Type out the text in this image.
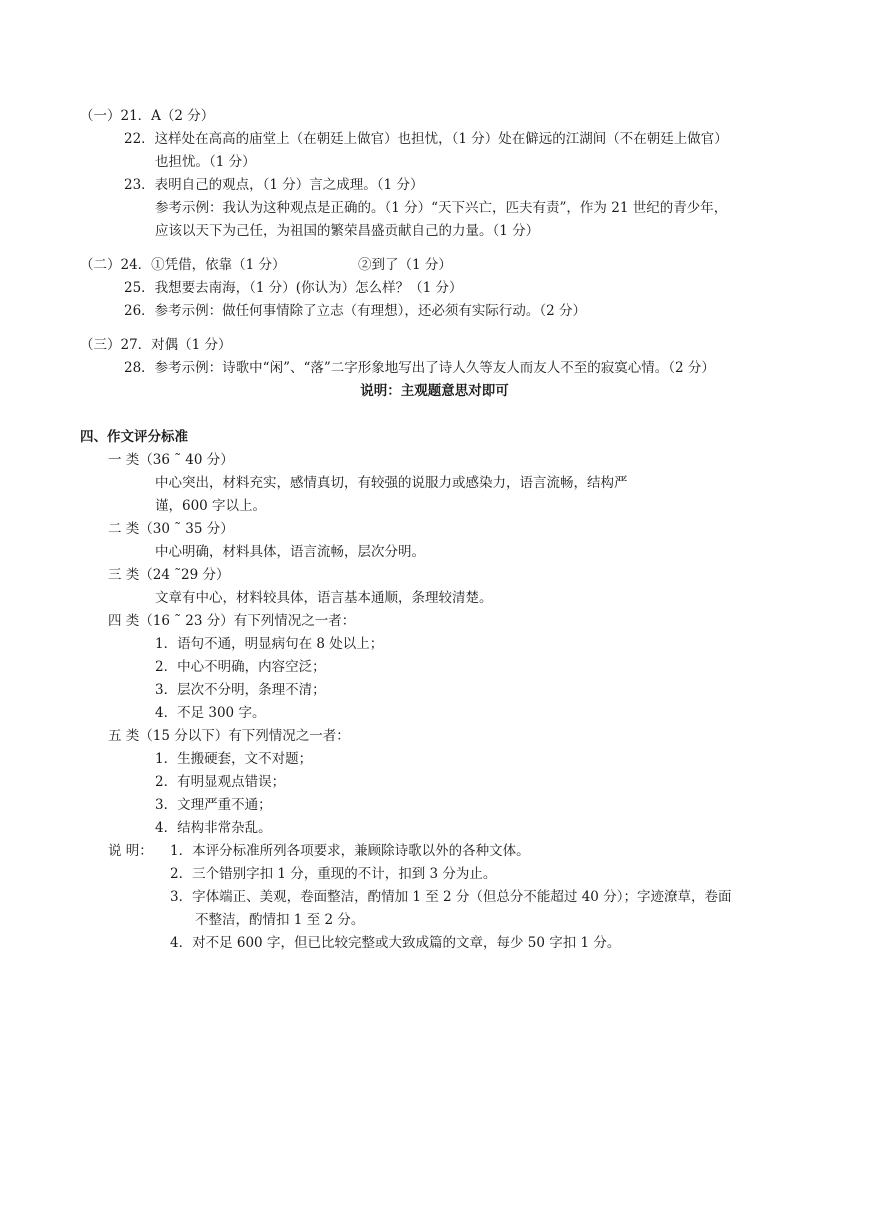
（一）21．A（2 分）
22．这样处在高高的庙堂上（在朝廷上做官）也担忧，（1 分）处在僻远的江湖间（不在朝廷上做官）
也担忧。（1 分）
23．表明自己的观点，（1 分）言之成理。（1 分）
参考示例：我认为这种观点是正确的。（1 分）“天下兴亡，匹夫有责”，作为 21 世纪的青少年，
应该以天下为己任，为祖国的繁荣昌盛贡献自己的力量。（1 分）
（二）24．①凭借，依靠（1 分）	②到了（1 分）
25．我想要去南海，（1 分）(你认为）怎么样？（1 分）
26．参考示例：做任何事情除了立志（有理想），还必须有实际行动。（2 分）
（三）27．对偶（1 分）
28．参考示例：诗歌中“闲”、“落”二字形象地写出了诗人久等友人而友人不至的寂寞心情。（2 分）
说明：主观题意思对即可
四、作文评分标准
一 类（36 ˜ 40 分）
中心突出，材料充实，感情真切，有较强的说服力或感染力，语言流畅，结构严
谨，600 字以上。
二 类（30 ˜ 35 分）
中心明确，材料具体，语言流畅，层次分明。
三 类（24 ˜29 分）
文章有中心，材料较具体，语言基本通顺，条理较清楚。
四 类（16 ˜ 23 分）有下列情况之一者：
1．语句不通，明显病句在 8 处以上；
2．中心不明确，内容空泛；
3．层次不分明，条理不清；
4．不足 300 字。
五 类（15 分以下）有下列情况之一者：
1．生搬硬套，文不对题；
2．有明显观点错误；
3．文理严重不通；
4．结构非常杂乱。
说 明： 1．本评分标准所列各项要求，兼顾除诗歌以外的各种文体。
2．三个错别字扣 1 分，重现的不计，扣到 3 分为止。
3．字体端正、美观，卷面整洁，酌情加 1 至 2 分（但总分不能超过 40 分）；字迹潦草，卷面
不整洁，酌情扣 1 至 2 分。
4．对不足 600 字，但已比较完整或大致成篇的文章，每少 50 字扣 1 分。
